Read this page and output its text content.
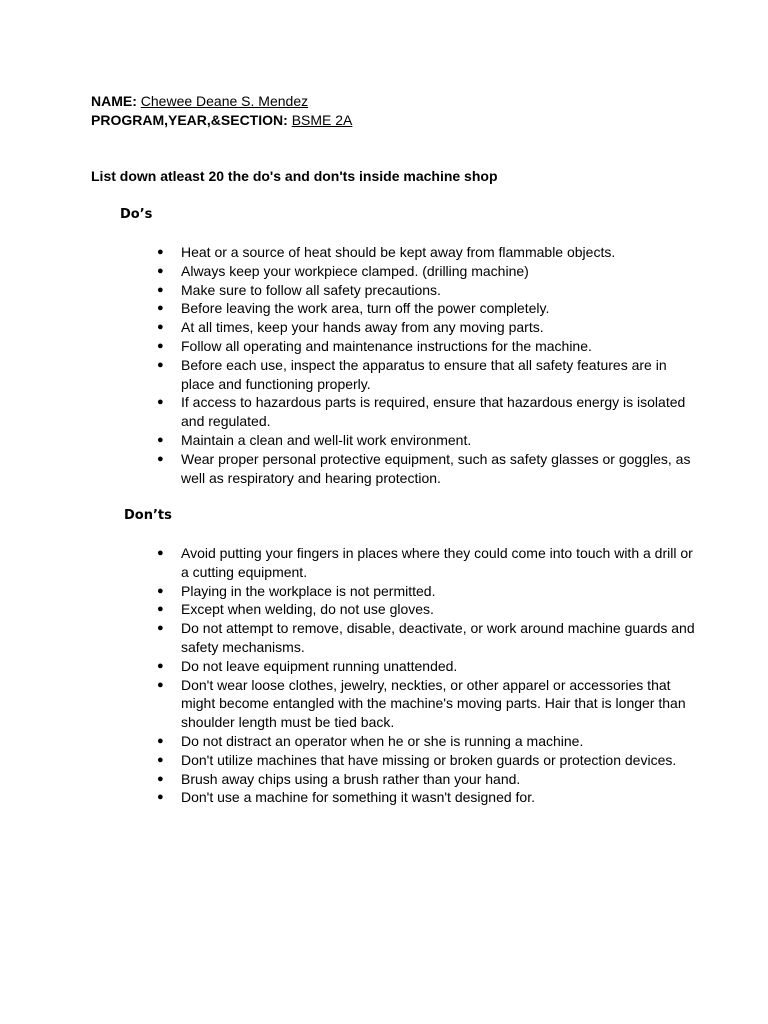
NAME: Chewee Deane S. Mendez
PROGRAM,YEAR,&SECTION: BSME 2A
List down atleast 20 the do's and don'ts inside machine shop
Do’s
● Heat or a source of heat should be kept away from flammable objects.
● Always keep your workpiece clamped. (drilling machine)
● Make sure to follow all safety precautions.
● Before leaving the work area, turn off the power completely.
● At all times, keep your hands away from any moving parts.
● Follow all operating and maintenance instructions for the machine.
● Before each use, inspect the apparatus to ensure that all safety features are in place and functioning properly.
● If access to hazardous parts is required, ensure that hazardous energy is isolated and regulated.
● Maintain a clean and well-lit work environment.
● Wear proper personal protective equipment, such as safety glasses or goggles, as well as respiratory and hearing protection.
Don’ts
● Avoid putting your fingers in places where they could come into touch with a drill or a cutting equipment.
● Playing in the workplace is not permitted.
● Except when welding, do not use gloves.
● Do not attempt to remove, disable, deactivate, or work around machine guards and safety mechanisms.
● Do not leave equipment running unattended.
● Don't wear loose clothes, jewelry, neckties, or other apparel or accessories that might become entangled with the machine's moving parts. Hair that is longer than shoulder length must be tied back.
● Do not distract an operator when he or she is running a machine.
● Don't utilize machines that have missing or broken guards or protection devices.
● Brush away chips using a brush rather than your hand.
● Don't use a machine for something it wasn't designed for.
